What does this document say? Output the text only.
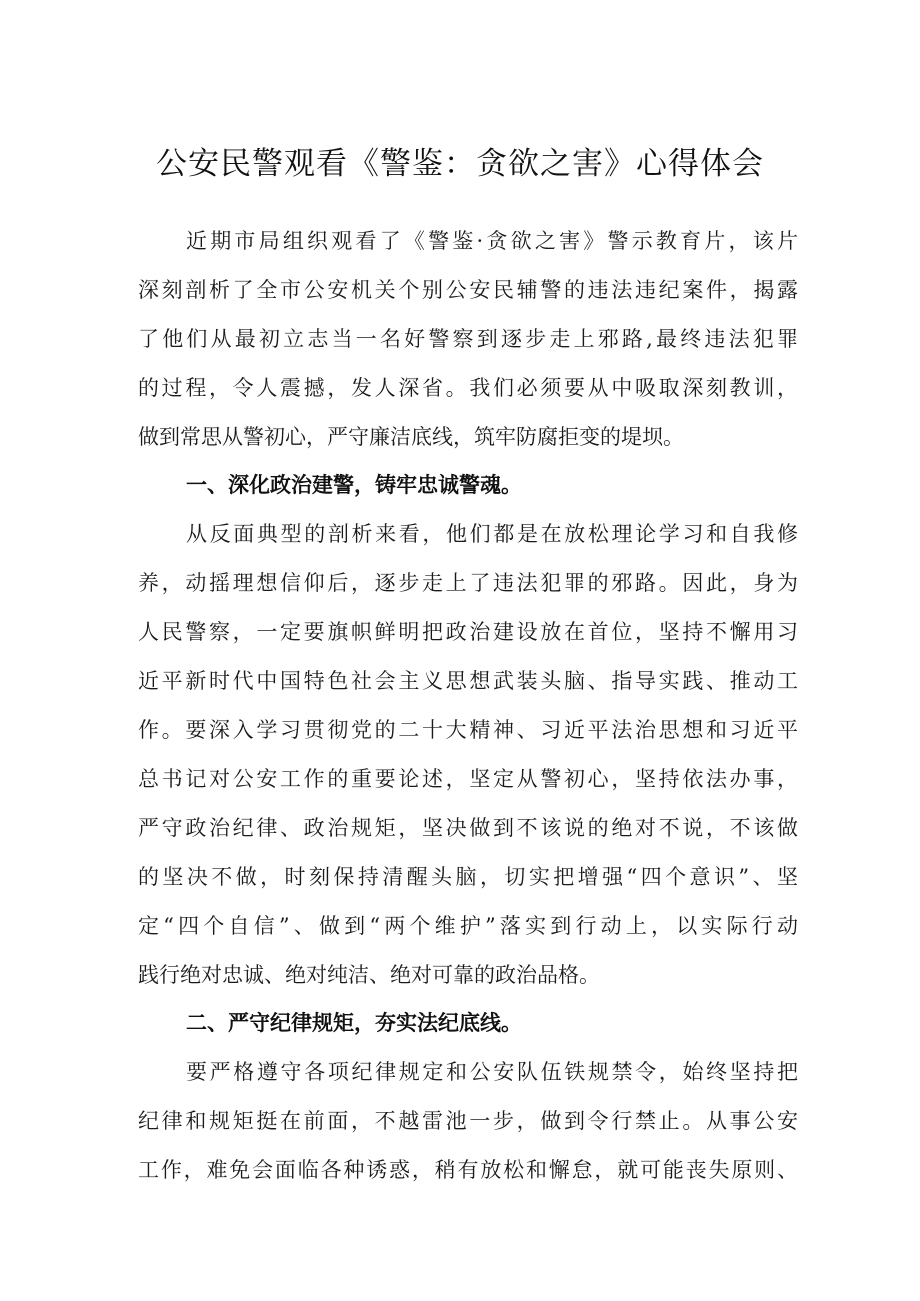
公安民警观看《警鉴：贪欲之害》心得体会
近期市局组织观看了《警鉴·贪欲之害》警示教育片，该片
深刻剖析了全市公安机关个别公安民辅警的违法违纪案件，揭露
了他们从最初立志当一名好警察到逐步走上邪路,最终违法犯罪
的过程，令人震撼，发人深省。我们必须要从中吸取深刻教训，
做到常思从警初心，严守廉洁底线，筑牢防腐拒变的堤坝。
一、深化政治建警，铸牢忠诚警魂。
从反面典型的剖析来看，他们都是在放松理论学习和自我修
养，动摇理想信仰后，逐步走上了违法犯罪的邪路。因此，身为
人民警察，一定要旗帜鲜明把政治建设放在首位，坚持不懈用习
近平新时代中国特色社会主义思想武装头脑、指导实践、推动工
作。要深入学习贯彻党的二十大精神、习近平法治思想和习近平
总书记对公安工作的重要论述，坚定从警初心，坚持依法办事，
严守政治纪律、政治规矩，坚决做到不该说的绝对不说，不该做
的坚决不做，时刻保持清醒头脑，切实把增强“四个意识”、坚
定“四个自信”、做到“两个维护”落实到行动上，以实际行动
践行绝对忠诚、绝对纯洁、绝对可靠的政治品格。
二、严守纪律规矩，夯实法纪底线。
要严格遵守各项纪律规定和公安队伍铁规禁令，始终坚持把
纪律和规矩挺在前面，不越雷池一步，做到令行禁止。从事公安
工作，难免会面临各种诱惑，稍有放松和懈怠，就可能丧失原则、
